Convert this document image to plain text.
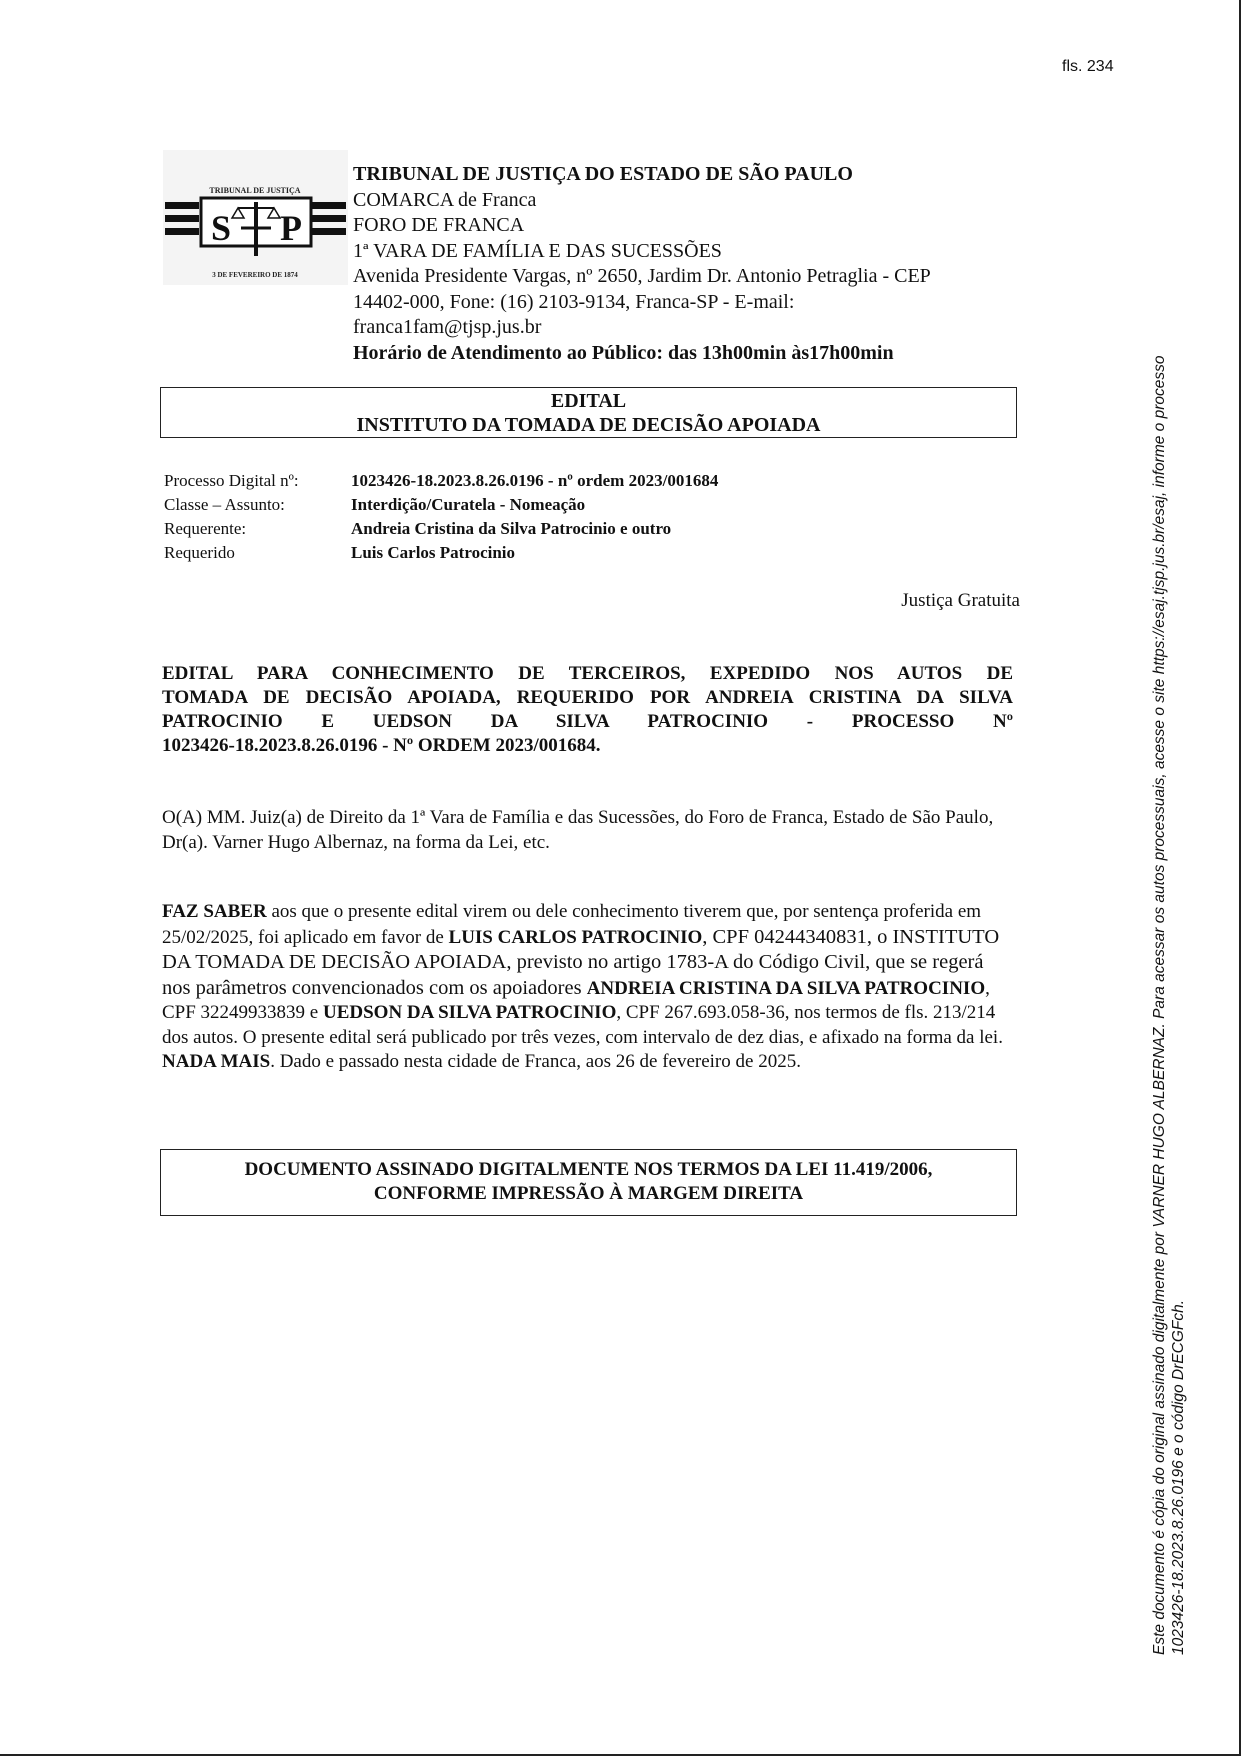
fls. 234
TRIBUNAL DE JUSTIÇA
S P
3 DE FEVEREIRO DE 1874
TRIBUNAL DE JUSTIÇA DO ESTADO DE SÃO PAULO
COMARCA de Franca
FORO DE FRANCA
1ª VARA DE FAMÍLIA E DAS SUCESSÕES
Avenida Presidente Vargas, nº 2650, Jardim Dr. Antonio Petraglia - CEP
14402-000, Fone: (16) 2103-9134, Franca-SP - E-mail:
franca1fam@tjsp.jus.br
Horário de Atendimento ao Público: das 13h00min às17h00min
EDITAL
INSTITUTO DA TOMADA DE DECISÃO APOIADA
Processo Digital nº:	1023426-18.2023.8.26.0196 - nº ordem 2023/001684
Classe – Assunto:	Interdição/Curatela - Nomeação
Requerente:	Andreia Cristina da Silva Patrocinio e outro
Requerido	Luis Carlos Patrocinio
Justiça Gratuita
EDITAL PARA CONHECIMENTO DE TERCEIROS, EXPEDIDO NOS AUTOS DE
TOMADA DE DECISÃO APOIADA, REQUERIDO POR ANDREIA CRISTINA DA SILVA
PATROCINIO E UEDSON DA SILVA PATROCINIO - PROCESSO Nº
1023426-18.2023.8.26.0196 - Nº ORDEM 2023/001684.
O(A) MM. Juiz(a) de Direito da 1ª Vara de Família e das Sucessões, do Foro de Franca, Estado de São Paulo, Dr(a). Varner Hugo Albernaz, na forma da Lei, etc.
FAZ SABER aos que o presente edital virem ou dele conhecimento tiverem que, por sentença proferida em 25/02/2025, foi aplicado em favor de LUIS CARLOS PATROCINIO, CPF 04244340831, o INSTITUTO DA TOMADA DE DECISÃO APOIADA, previsto no artigo 1783-A do Código Civil, que se regerá nos parâmetros convencionados com os apoiadores ANDREIA CRISTINA DA SILVA PATROCINIO, CPF 32249933839 e UEDSON DA SILVA PATROCINIO, CPF 267.693.058-36, nos termos de fls. 213/214 dos autos. O presente edital será publicado por três vezes, com intervalo de dez dias, e afixado na forma da lei. NADA MAIS. Dado e passado nesta cidade de Franca, aos 26 de fevereiro de 2025.
DOCUMENTO ASSINADO DIGITALMENTE NOS TERMOS DA LEI 11.419/2006,
CONFORME IMPRESSÃO À MARGEM DIREITA	Este documento é cópia do original assinado digitalmente por VARNER HUGO ALBERNAZ. Para acessar os autos processuais, acesse o site https://esaj.tjsp.jus.br/esaj, informe o processo 1023426-18.2023.8.26.0196 e o código DrECGFch.
